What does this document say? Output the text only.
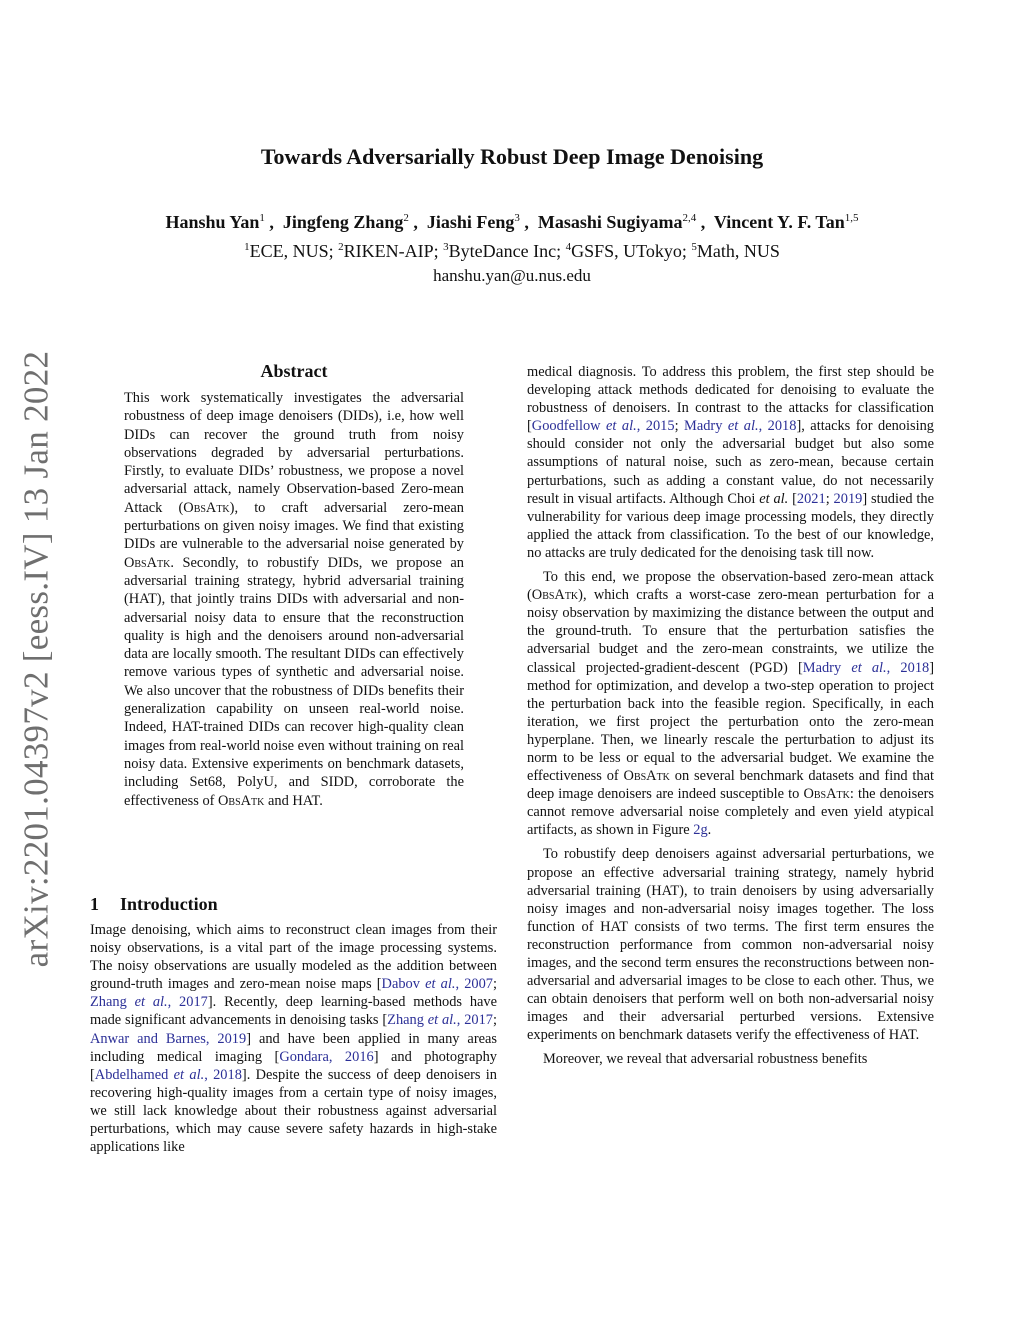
arXiv:2201.04397v2 [eess.IV] 13 Jan 2022
Towards Adversarially Robust Deep Image Denoising
Hanshu Yan$^1$ ,  Jingfeng Zhang$^2$ ,  Jiashi Feng$^3$ ,  Masashi Sugiyama$^{2,4}$ ,  Vincent Y. F. Tan$^{1,5}$
$^1$ECE, NUS; $^2$RIKEN-AIP; $^3$ByteDance Inc; $^4$GSFS, UTokyo; $^5$Math, NUS
hanshu.yan@u.nus.edu
Abstract

This work systematically investigates the adversarial robustness of deep image denoisers (DIDs), i.e, how well DIDs can recover the ground truth from noisy observations degraded by adversarial perturbations. Firstly, to evaluate DIDs’ robustness, we propose a novel adversarial attack, namely Observation-based Zero-mean Attack (ObsAtk), to craft adversarial zero-mean perturbations on given noisy images. We find that existing DIDs are vulnerable to the adversarial noise generated by ObsAtk. Secondly, to robustify DIDs, we propose an adversarial training strategy, hybrid adversarial training (HAT), that jointly trains DIDs with adversarial and non-adversarial noisy data to ensure that the reconstruction quality is high and the denoisers around non-adversarial data are locally smooth. The resultant DIDs can effectively remove various types of synthetic and adversarial noise. We also uncover that the robustness of DIDs benefits their generalization capability on unseen real-world noise. Indeed, HAT-trained DIDs can recover high-quality clean images from real-world noise even without training on real noisy data. Extensive experiments on benchmark datasets, including Set68, PolyU, and SIDD, corroborate the effectiveness of ObsAtk and HAT.

1 Introduction

Image denoising, which aims to reconstruct clean images from their noisy observations, is a vital part of the image processing systems. The noisy observations are usually modeled as the addition between ground-truth images and zero-mean noise maps [Dabov et al., 2007; Zhang et al., 2017]. Recently, deep learning-based methods have made significant advancements in denoising tasks [Zhang et al., 2017; Anwar and Barnes, 2019] and have been applied in many areas including medical imaging [Gondara, 2016] and photography [Abdelhamed et al., 2018]. Despite the success of deep denoisers in recovering high-quality images from a certain type of noisy images, we still lack knowledge about their robustness against adversarial perturbations, which may cause severe safety hazards in high-stake applications like

medical diagnosis. To address this problem, the first step should be developing attack methods dedicated for denoising to evaluate the robustness of denoisers. In contrast to the attacks for classification [Goodfellow et al., 2015; Madry et al., 2018], attacks for denoising should consider not only the adversarial budget but also some assumptions of natural noise, such as zero-mean, because certain perturbations, such as adding a constant value, do not necessarily result in visual artifacts. Although Choi et al. [2021; 2019] studied the vulnerability for various deep image processing models, they directly applied the attack from classification. To the best of our knowledge, no attacks are truly dedicated for the denoising task till now.

To this end, we propose the observation-based zero-mean attack (ObsAtk), which crafts a worst-case zero-mean perturbation for a noisy observation by maximizing the distance between the output and the ground-truth. To ensure that the perturbation satisfies the adversarial budget and the zero-mean constraints, we utilize the classical projected-gradient-descent (PGD) [Madry et al., 2018] method for optimization, and develop a two-step operation to project the perturbation back into the feasible region. Specifically, in each iteration, we first project the perturbation onto the zero-mean hyperplane. Then, we linearly rescale the perturbation to adjust its norm to be less or equal to the adversarial budget. We examine the effectiveness of ObsAtk on several benchmark datasets and find that deep image denoisers are indeed susceptible to ObsAtk: the denoisers cannot remove adversarial noise completely and even yield atypical artifacts, as shown in Figure 2g.

To robustify deep denoisers against adversarial perturbations, we propose an effective adversarial training strategy, namely hybrid adversarial training (HAT), to train denoisers by using adversarially noisy images and non-adversarial noisy images together. The loss function of HAT consists of two terms. The first term ensures the reconstruction performance from common non-adversarial noisy images, and the second term ensures the reconstructions between non-adversarial and adversarial images to be close to each other. Thus, we can obtain denoisers that perform well on both non-adversarial noisy images and their adversarial perturbed versions. Extensive experiments on benchmark datasets verify the effectiveness of HAT.

Moreover, we reveal that adversarial robustness benefits
